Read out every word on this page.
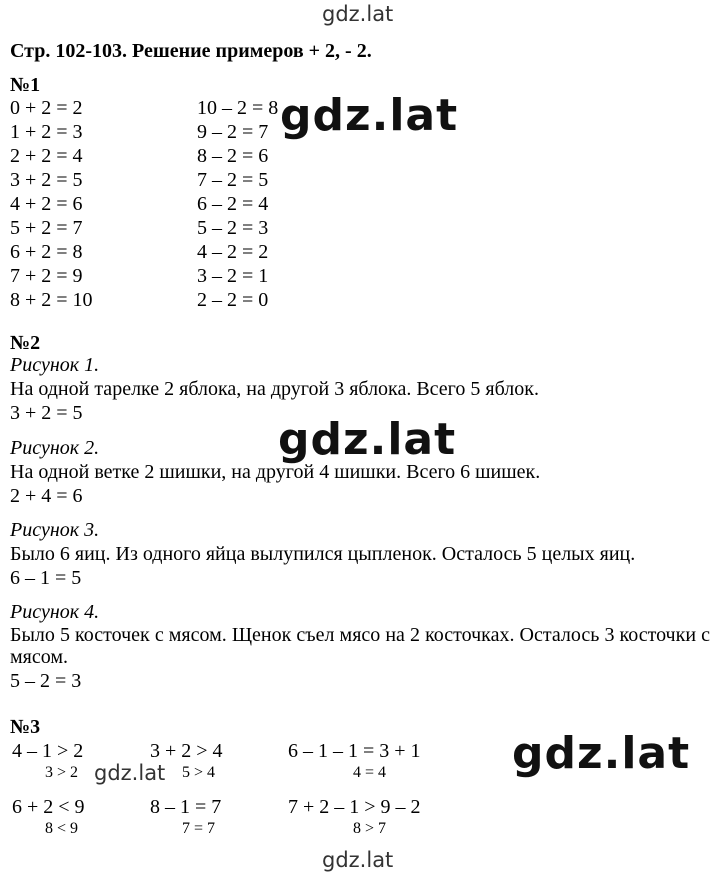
gdz.lat
gdz.lat
gdz.lat
gdz.lat
gdz.lat
gdz.lat
Стр. 102-103. Решение примеров + 2, - 2.
№1
0 + 2 = 2
1 + 2 = 3
2 + 2 = 4
3 + 2 = 5
4 + 2 = 6
5 + 2 = 7
6 + 2 = 8
7 + 2 = 9
8 + 2 = 10
10 – 2 = 8
9 – 2 = 7
8 – 2 = 6
7 – 2 = 5
6 – 2 = 4
5 – 2 = 3
4 – 2 = 2
3 – 2 = 1
2 – 2 = 0
№2
Рисунок 1.
На одной тарелке 2 яблока, на другой 3 яблока. Всего 5 яблок.
3 + 2 = 5
Рисунок 2.
На одной ветке 2 шишки, на другой 4 шишки. Всего 6 шишек.
2 + 4 = 6
Рисунок 3.
Было 6 яиц. Из одного яйца вылупился цыпленок. Осталось 5 целых яиц.
6 – 1 = 5
Рисунок 4.
Было 5 косточек с мясом. Щенок съел мясо на 2 косточках. Осталось 3 косточки с мясом.
5 – 2 = 3
№3
4 – 1 > 2
3 > 2
3 + 2 > 4
5 > 4
6 – 1 – 1 = 3 + 1
4 = 4
6 + 2 < 9
8 < 9
8 – 1 = 7
7 = 7
7 + 2 – 1 > 9 – 2
8 > 7
